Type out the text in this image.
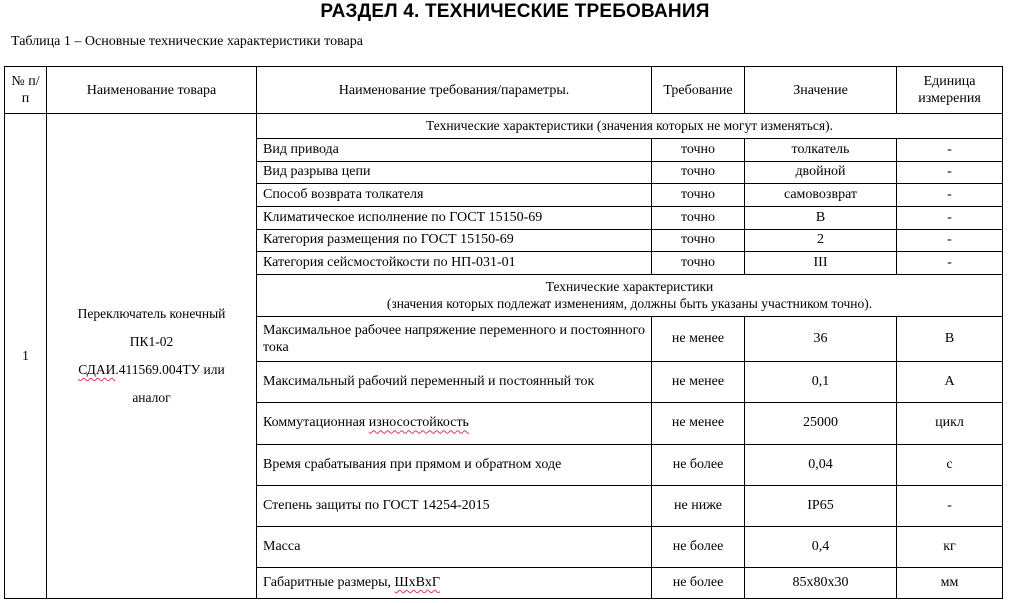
РАЗДЕЛ 4. ТЕХНИЧЕСКИЕ ТРЕБОВАНИЯ
Таблица 1 – Основные технические характеристики товара
№ п/п	Наименование товара	Наименование требования/параметры.	Требование	Значение	Единица измерения
1	Переключатель конечный
ПК1-02
СДАИ.411569.004ТУ или
аналог	Технические характеристики (значения которых не могут изменяться).			
		Вид привода	точно	толкатель	-
		Вид разрыва цепи	точно	двойной	-
		Способ возврата толкателя	точно	самовозврат	-
		Климатическое исполнение по ГОСТ 15150-69	точно	В	-
		Категория размещения по ГОСТ 15150-69	точно	2	-
		Категория сейсмостойкости по НП-031-01	точно	III	-

		Технические характеристики
(значения которых подлежат изменениям, должны быть указаны участником точно).			

		Максимальное рабочее напряжение переменного и постоянного тока	не менее	36	В
		Максимальный рабочий переменный и постоянный ток	не менее	0,1	А
		Коммутационная износостойкость	не менее	25000	цикл
		Время срабатывания при прямом и обратном ходе	не более	0,04	с
		Степень защиты по ГОСТ 14254-2015	не ниже	IP65	-
		Масса	не более	0,4	кг
		Габаритные размеры, ШхВхГ	не более	85х80х30	мм
